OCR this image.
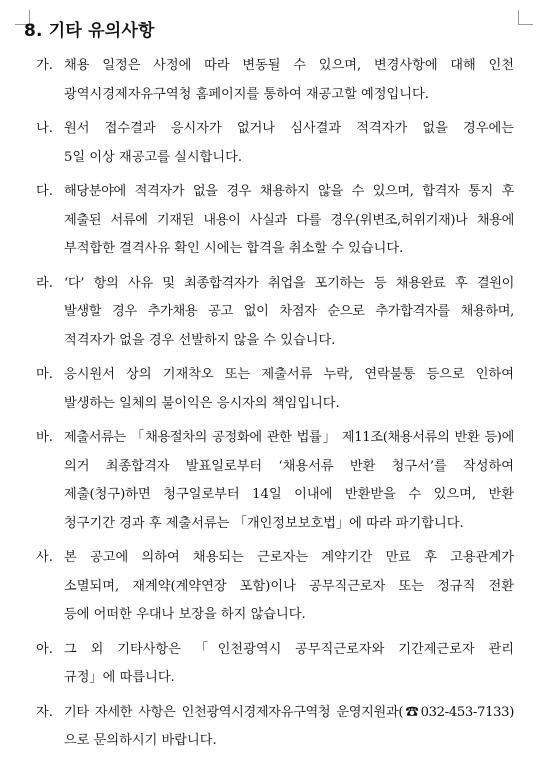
8. 기타 유의사항
가. 채용 일정은 사정에 따라 변동될 수 있으며, 변경사항에 대해 인천
광역시경제자유구역청 홈페이지를 통하여 재공고할 예정입니다.
나. 원서 접수결과 응시자가 없거나 심사결과 적격자가 없을 경우에는
5일 이상 재공고를 실시합니다.
다. 해당분야에 적격자가 없을 경우 채용하지 않을 수 있으며, 합격자 통지 후
제출된 서류에 기재된 내용이 사실과 다를 경우(위변조,허위기재)나 채용에
부적합한 결격사유 확인 시에는 합격을 취소할 수 있습니다.
라. ‘다’ 항의 사유 및 최종합격자가 취업을 포기하는 등 채용완료 후 결원이
발생할 경우 추가채용 공고 없이 차점자 순으로 추가합격자를 채용하며,
적격자가 없을 경우 선발하지 않을 수 있습니다.
마. 응시원서 상의 기재착오 또는 제출서류 누락, 연락불통 등으로 인하여
발생하는 일체의 불이익은 응시자의 책임입니다.
바. 제출서류는 「채용절차의 공정화에 관한 법률」 제11조(채용서류의 반환 등)에
의거 최종합격자 발표일로부터 ‘채용서류 반환 청구서’를 작성하여
제출(청구)하면 청구일로부터 14일 이내에 반환받을 수 있으며, 반환
청구기간 경과 후 제출서류는 「개인정보보호법」에 따라 파기합니다.
사. 본 공고에 의하여 채용되는 근로자는 계약기간 만료 후 고용관계가
소멸되며, 재계약(계약연장 포함)이나 공무직근로자 또는 정규직 전환
등에 어떠한 우대나 보장을 하지 않습니다.
아. 그 외 기타사항은 「인천광역시 공무직근로자와 기간제근로자 관리
규정」에 따릅니다.
자. 기타 자세한 사항은 인천광역시경제자유구역청 운영지원과(☎032-453-7133)
으로 문의하시기 바랍니다.
